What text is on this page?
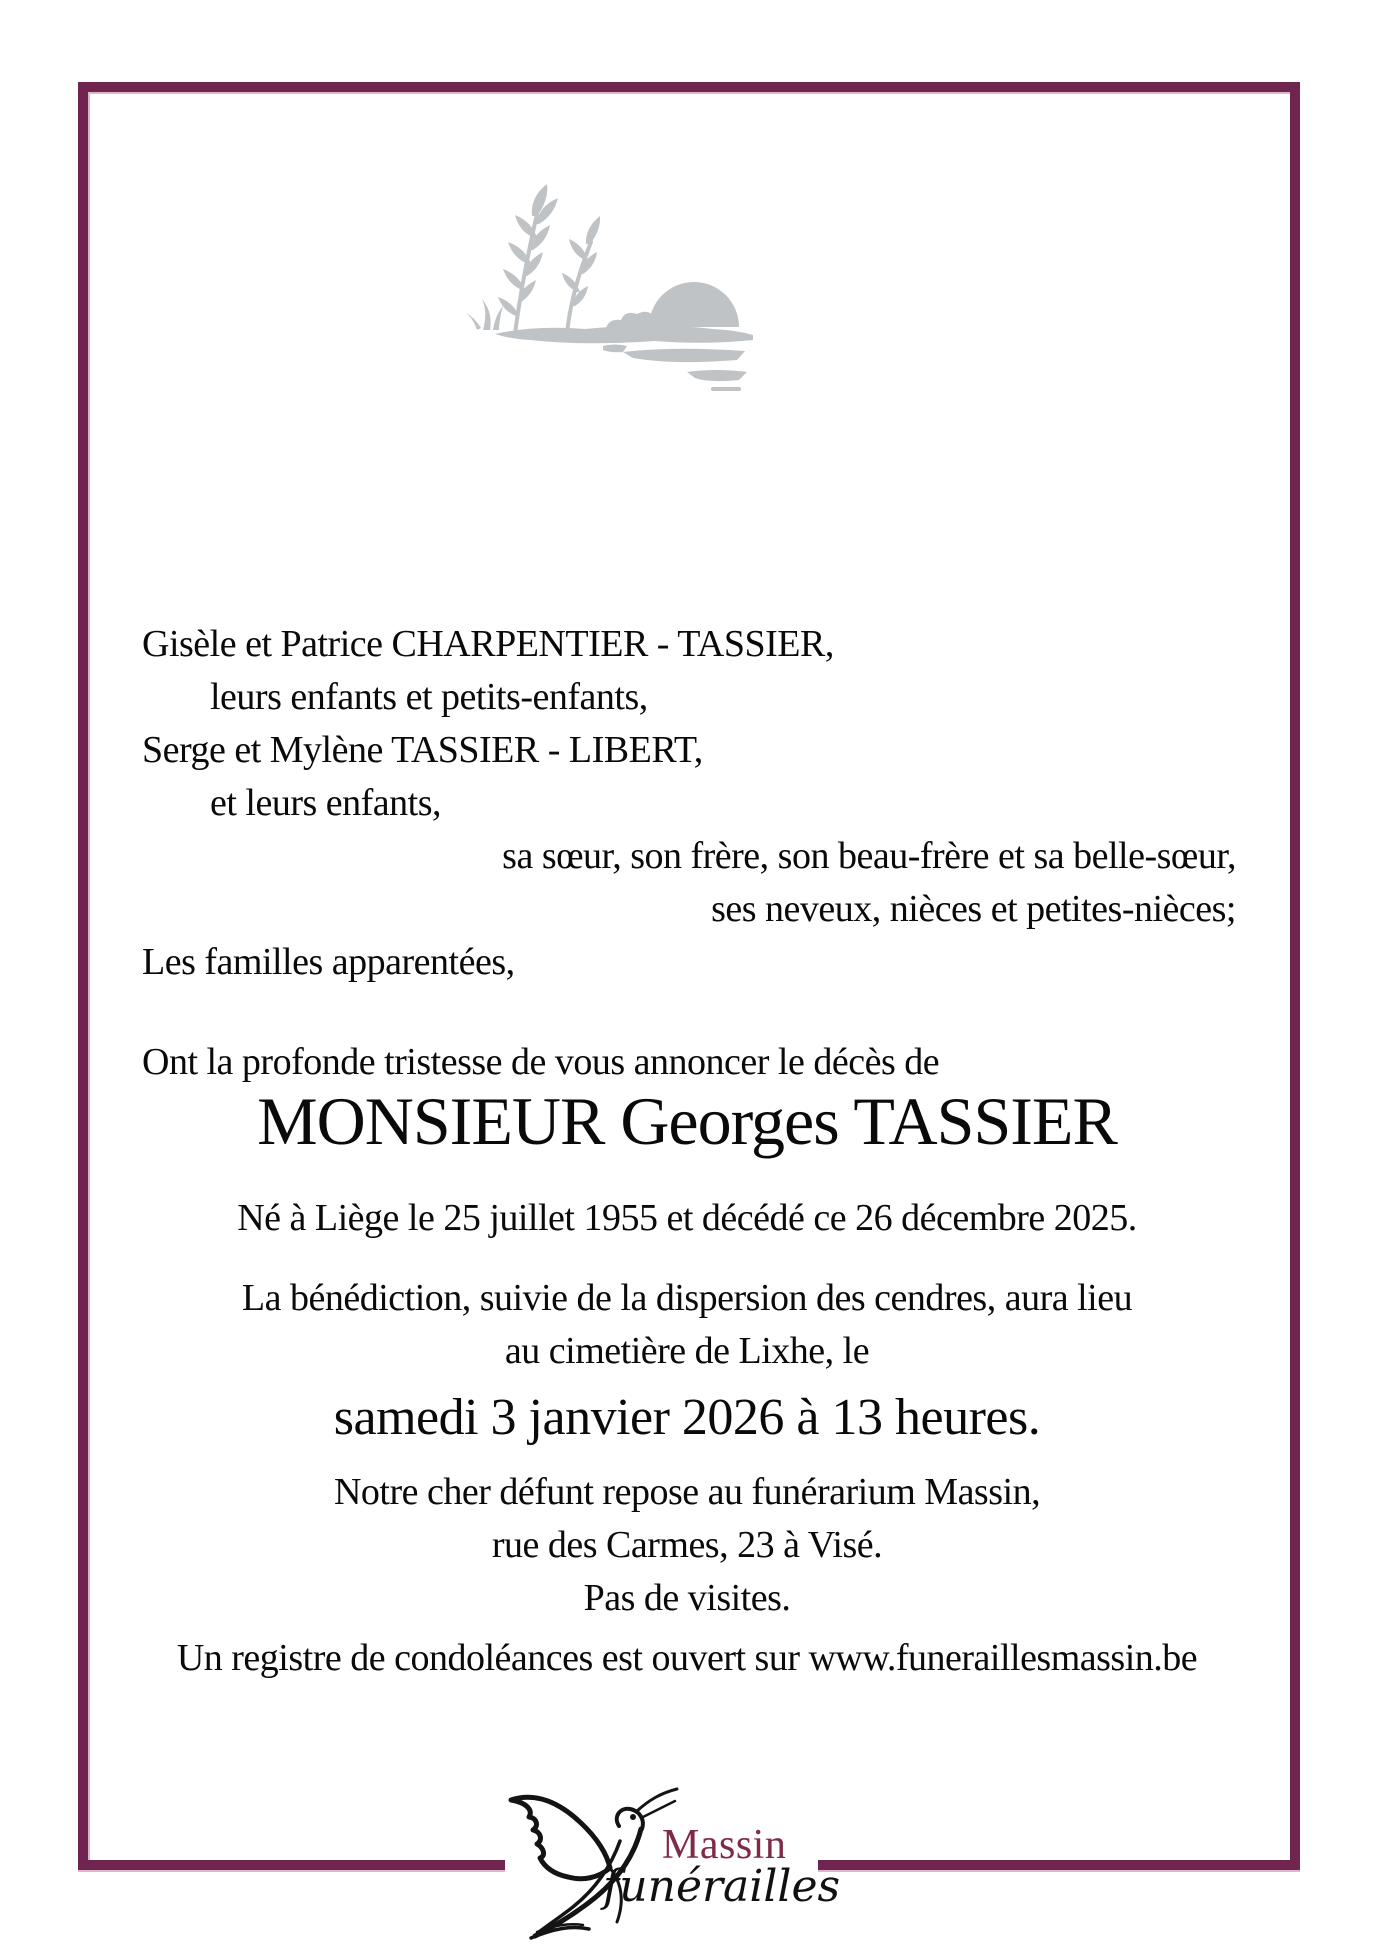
Gisèle et Patrice CHARPENTIER - TASSIER,
leurs enfants et petits-enfants,
Serge et Mylène TASSIER - LIBERT,
et leurs enfants,
sa sœur, son frère, son beau-frère et sa belle-sœur,
ses neveux, nièces et petites-nièces;
Les familles apparentées,
Ont la profonde tristesse de vous annoncer le décès de
MONSIEUR Georges TASSIER
Né à Liège le 25 juillet 1955 et décédé ce 26 décembre 2025.
La bénédiction, suivie de la dispersion des cendres, aura lieu
au cimetière de Lixhe, le
samedi 3 janvier 2026 à 13 heures.
Notre cher défunt repose au funérarium Massin,
rue des Carmes, 23 à Visé.
Pas de visites.
Un registre de condoléances est ouvert sur www.funeraillesmassin.be
Massin
funérailles
